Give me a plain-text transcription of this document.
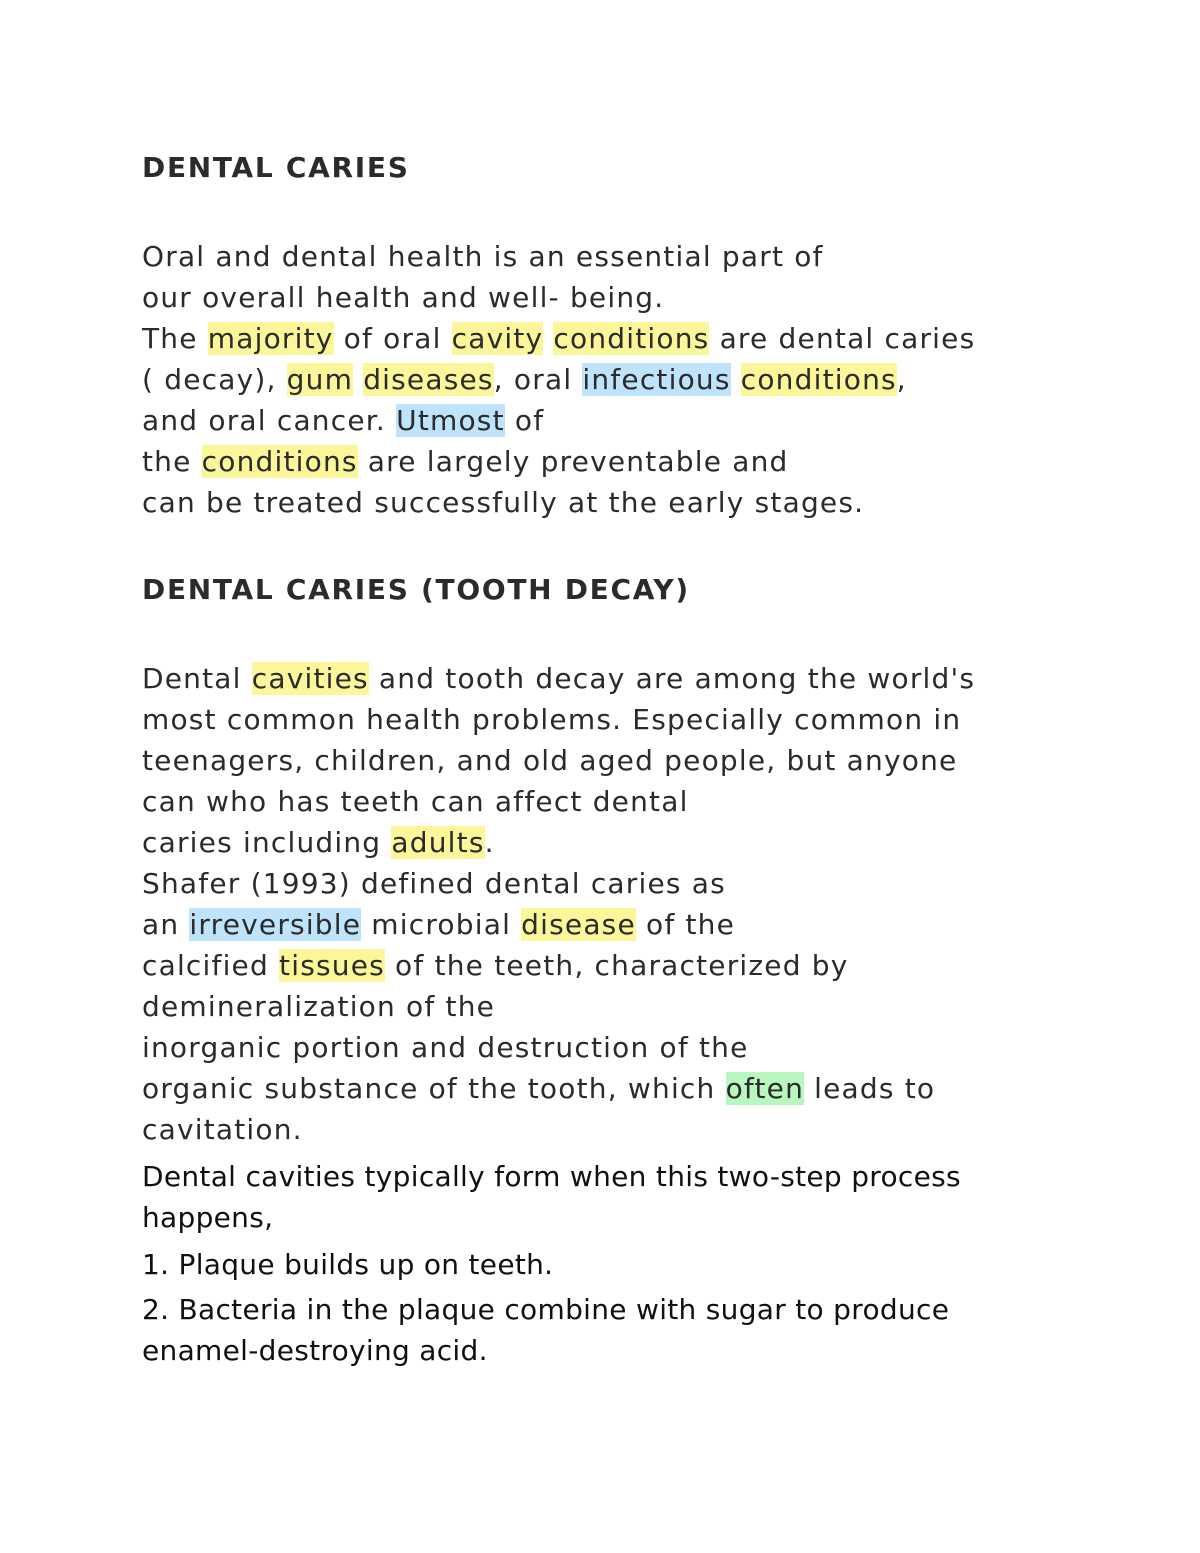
DENTAL CARIES
Oral and dental health is an essential part of
our overall health and well- being.
The majority of oral cavity conditions are dental caries
( decay), gum diseases, oral infectious conditions,
and oral cancer. Utmost of
the conditions are largely preventable and
can be treated successfully at the early stages.
DENTAL CARIES (TOOTH DECAY)
Dental cavities and tooth decay are among the world's
most common health problems. Especially common in
teenagers, children, and old aged people, but anyone
can who has teeth can affect dental
caries including adults.
Shafer (1993) defined dental caries as
an irreversible microbial disease of the
calcified tissues of the teeth, characterized by
demineralization of the
inorganic portion and destruction of the
organic substance of the tooth, which often leads to
cavitation.
Dental cavities typically form when this two-step process
happens,
1. Plaque builds up on teeth.
2. Bacteria in the plaque combine with sugar to produce
enamel-destroying acid.
